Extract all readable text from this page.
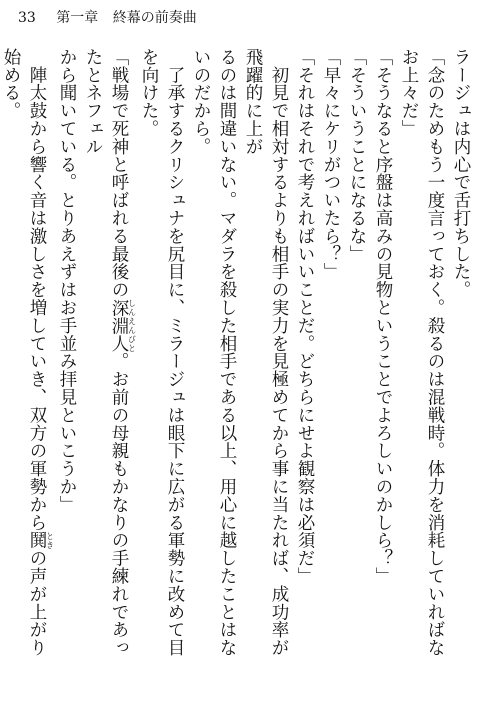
33 第一章 終幕の前奏曲

ラージュは内心で舌打ちした。

「念のためもう一度言っておく。殺るのは混戦時。体力を消耗していればなお上々だ」

「そうなると序盤は高みの見物ということでよろしいのかしら？」

「そういうことになるな」

「早々にケリがついたら？」

「それはそれで考えればいいことだ。どちらにせよ観察は必須だ」

　初見で相対するよりも相手の実力を見極めてから事に当たれば、成功率が飛躍的に上が

るのは間違いない。マダラを殺した相手である以上、用心に越したことはないのだから。

　了承するクリシュナを尻目に、ミラージュは眼下に広がる軍勢に改めて目を向けた。

「戦場で死神と呼ばれる最後の深淵人しんえんびと。お前の母親もかなりの手練れであったとネフェル

から聞いている。とりあえずはお手並み拝見といこうか」

　陣太鼓から響く音は激しさを増していき、双方の軍勢から鬨ときの声が上がり始める。
